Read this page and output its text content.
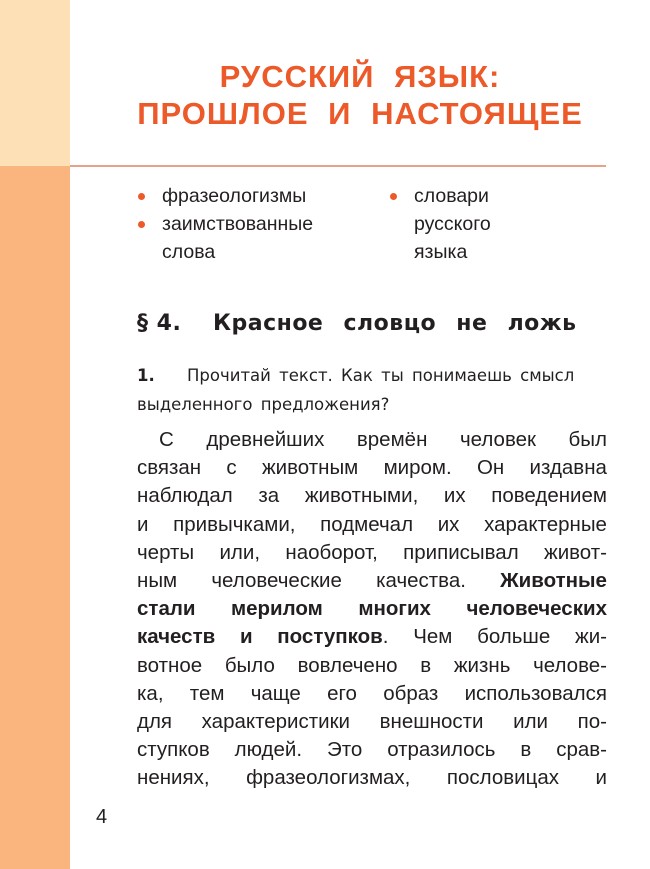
РУССКИЙ ЯЗЫК:
ПРОШЛОЕ И НАСТОЯЩЕЕ
фразеологизмы
заимствованные
слова
словари
русского
языка
§ 4. Красное словцо не ложь
1. Прочитай текст. Как ты понимаешь смысл
выделенного предложения?
С древнейших времён человек был
связан с животным миром. Он издавна
наблюдал за животными, их поведением
и привычками, подмечал их характерные
черты или, наоборот, приписывал живот-
ным человеческие качества. Животные
стали мерилом многих человеческих
качеств и поступков. Чем больше жи-
вотное было вовлечено в жизнь челове-
ка, тем чаще его образ использовался
для характеристики внешности или по-
ступков людей. Это отразилось в срав-
нениях, фразеологизмах, пословицах и
4
